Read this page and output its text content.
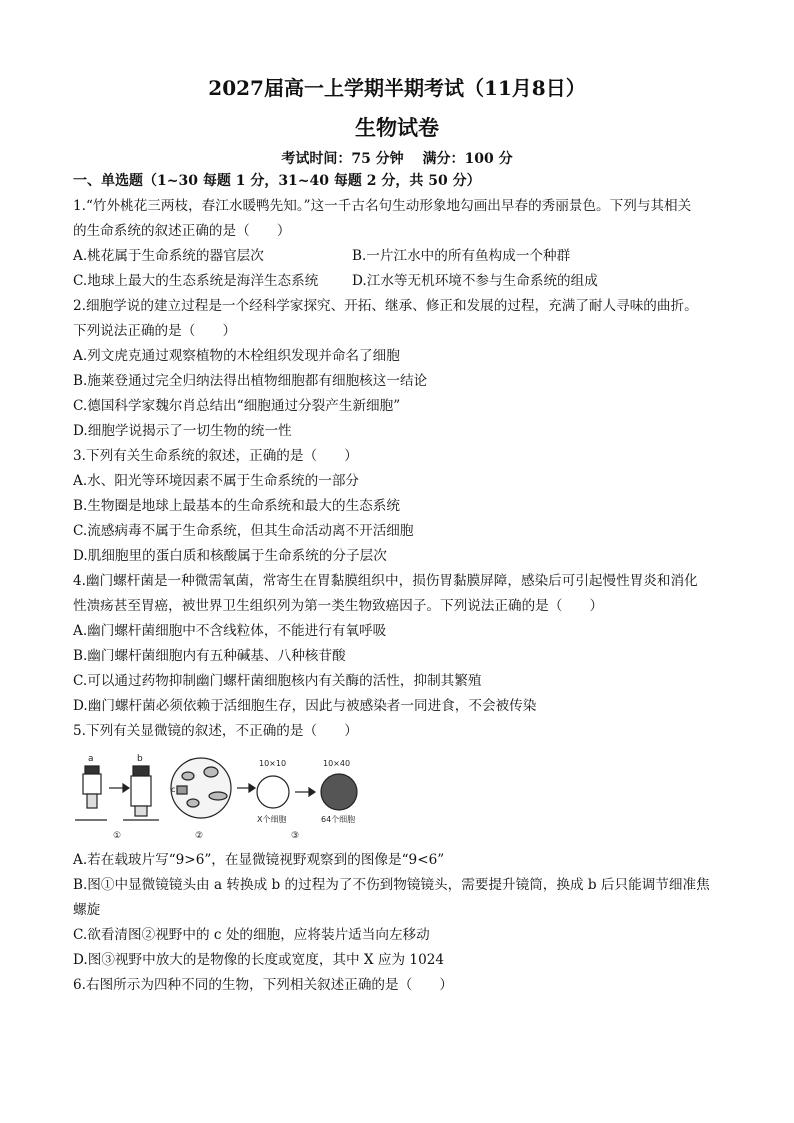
2027届高一上学期半期考试（11月8日）
生物试卷
考试时间：75 分钟　 满分：100 分
一、单选题（1~30 每题 1 分，31~40 每题 2 分，共 50 分）
1.“竹外桃花三两枝，春江水暖鸭先知。”这一千古名句生动形象地勾画出早春的秀丽景色。下列与其相关
的生命系统的叙述正确的是（　　）
A.桃花属于生命系统的器官层次	B.一片江水中的所有鱼构成一个种群
C.地球上最大的生态系统是海洋生态系统 D.江水等无机环境不参与生命系统的组成
2.细胞学说的建立过程是一个经科学家探究、开拓、继承、修正和发展的过程，充满了耐人寻味的曲折。
下列说法正确的是（　　）
A.列文虎克通过观察植物的木栓组织发现并命名了细胞
B.施莱登通过完全归纳法得出植物细胞都有细胞核这一结论
C.德国科学家魏尔肖总结出“细胞通过分裂产生新细胞”
D.细胞学说揭示了一切生物的统一性
3.下列有关生命系统的叙述，正确的是（　　）
A.水、阳光等环境因素不属于生命系统的一部分
B.生物圈是地球上最基本的生命系统和最大的生态系统
C.流感病毒不属于生命系统，但其生命活动离不开活细胞
D.肌细胞里的蛋白质和核酸属于生命系统的分子层次
4.幽门螺杆菌是一种微需氧菌，常寄生在胃黏膜组织中，损伤胃黏膜屏障，感染后可引起慢性胃炎和消化
性溃疡甚至胃癌，被世界卫生组织列为第一类生物致癌因子。下列说法正确的是（　　）
A.幽门螺杆菌细胞中不含线粒体，不能进行有氧呼吸
B.幽门螺杆菌细胞内有五种碱基、八种核苷酸
C.可以通过药物抑制幽门螺杆菌细胞核内有关酶的活性，抑制其繁殖
D.幽门螺杆菌必须依赖于活细胞生存，因此与被感染者一同进食，不会被传染
5.下列有关显微镜的叙述，不正确的是（　　）
a	b
c
10×10	10×40
X个细胞	64个细胞
①	②	③
A.若在载玻片写“9>6”，在显微镜视野观察到的图像是“9<6”
B.图①中显微镜镜头由 a 转换成 b 的过程为了不伤到物镜镜头，需要提升镜筒，换成 b 后只能调节细准焦
螺旋
C.欲看清图②视野中的 c 处的细胞，应将装片适当向左移动
D.图③视野中放大的是物像的长度或宽度，其中 X 应为 1024
6.右图所示为四种不同的生物，下列相关叙述正确的是（　　）
